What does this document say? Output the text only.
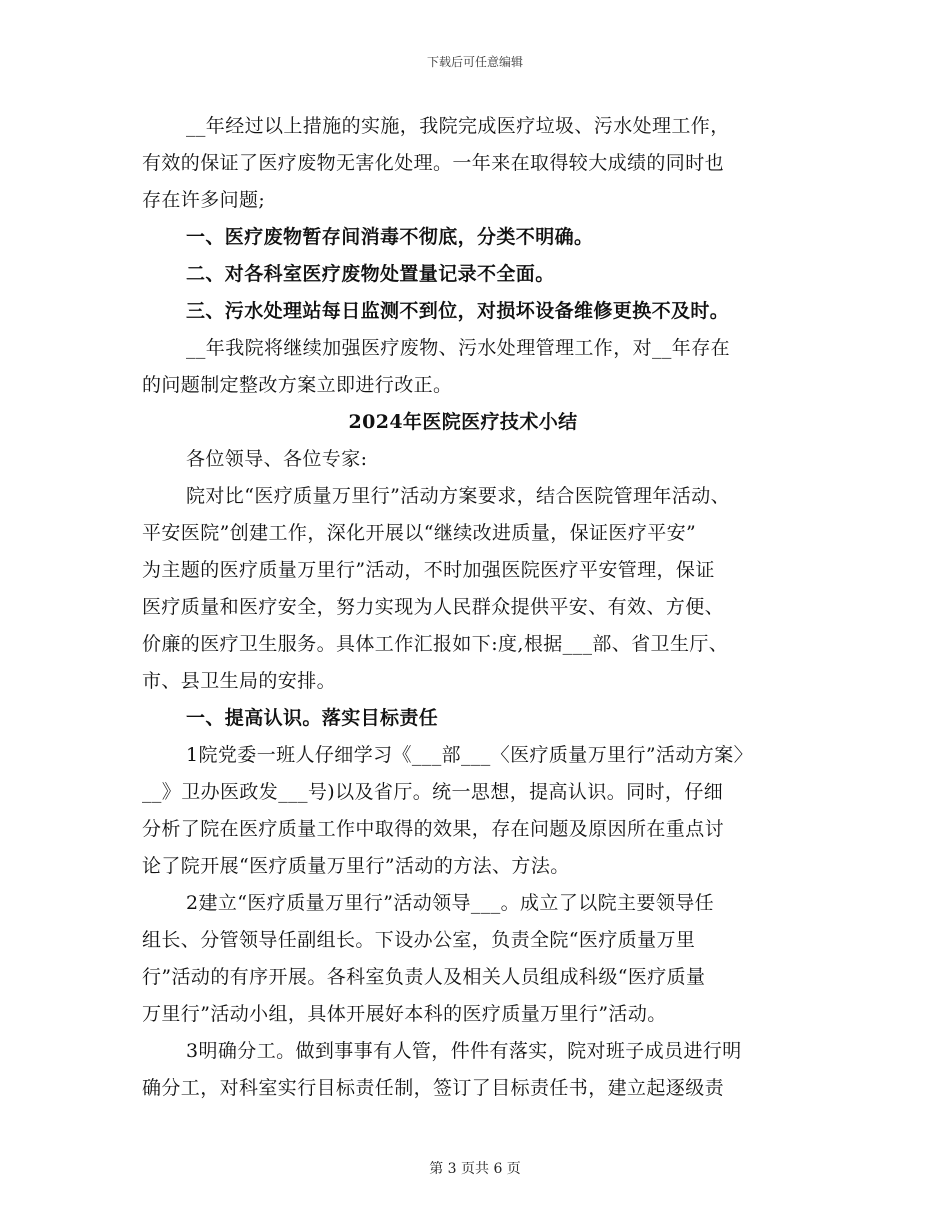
下载后可任意编辑
__年经过以上措施的实施，我院完成医疗垃圾、污水处理工作，
有效的保证了医疗废物无害化处理。一年来在取得较大成绩的同时也
存在许多问题;
一、医疗废物暂存间消毒不彻底，分类不明确。
二、对各科室医疗废物处置量记录不全面。
三、污水处理站每日监测不到位，对损坏设备维修更换不及时。
__年我院将继续加强医疗废物、污水处理管理工作，对__年存在
的问题制定整改方案立即进行改正。
2024年医院医疗技术小结
各位领导、各位专家:
院对比“医疗质量万里行”活动方案要求，结合医院管理年活动、
平安医院”创建工作，深化开展以“继续改进质量，保证医疗平安”
为主题的医疗质量万里行”活动，不时加强医院医疗平安管理，保证
医疗质量和医疗安全，努力实现为人民群众提供平安、有效、方便、
价廉的医疗卫生服务。具体工作汇报如下:度,根据___部、省卫生厅、
市、县卫生局的安排。
一、提高认识。落实目标责任
1院党委一班人仔细学习《___部___〈医疗质量万里行”活动方案〉
__》卫办医政发___号)以及省厅。统一思想，提高认识。同时，仔细
分析了院在医疗质量工作中取得的效果，存在问题及原因所在重点讨
论了院开展“医疗质量万里行”活动的方法、方法。
2建立“医疗质量万里行”活动领导___。成立了以院主要领导任
组长、分管领导任副组长。下设办公室，负责全院“医疗质量万里
行”活动的有序开展。各科室负责人及相关人员组成科级“医疗质量
万里行”活动小组，具体开展好本科的医疗质量万里行”活动。
3明确分工。做到事事有人管，件件有落实，院对班子成员进行明
确分工，对科室实行目标责任制，签订了目标责任书，建立起逐级责
第 3 页共 6 页
